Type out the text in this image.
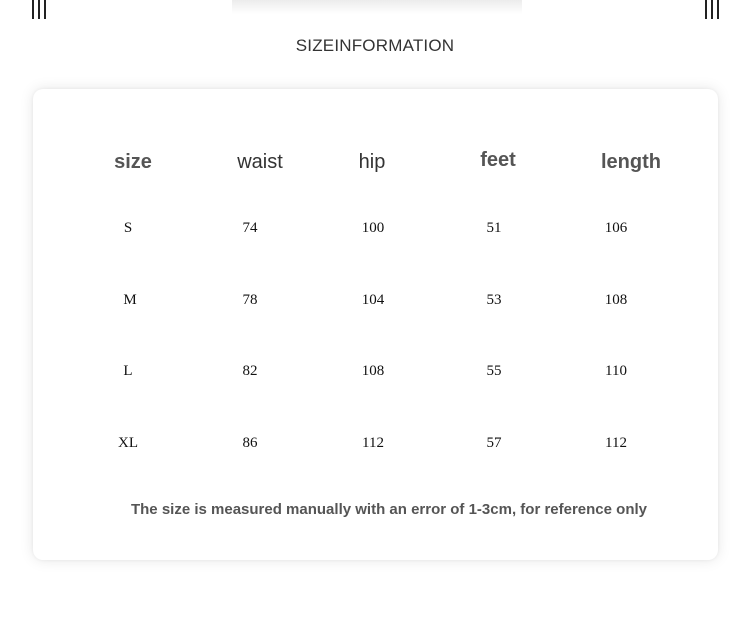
SIZEINFORMATION
size	waist	hip	feet	length
S	74	100	51	106
M	78	104	53	108
L	82	108	55	110
XL	86	112	57	112
The size is measured manually with an error of 1-3cm, for reference only
